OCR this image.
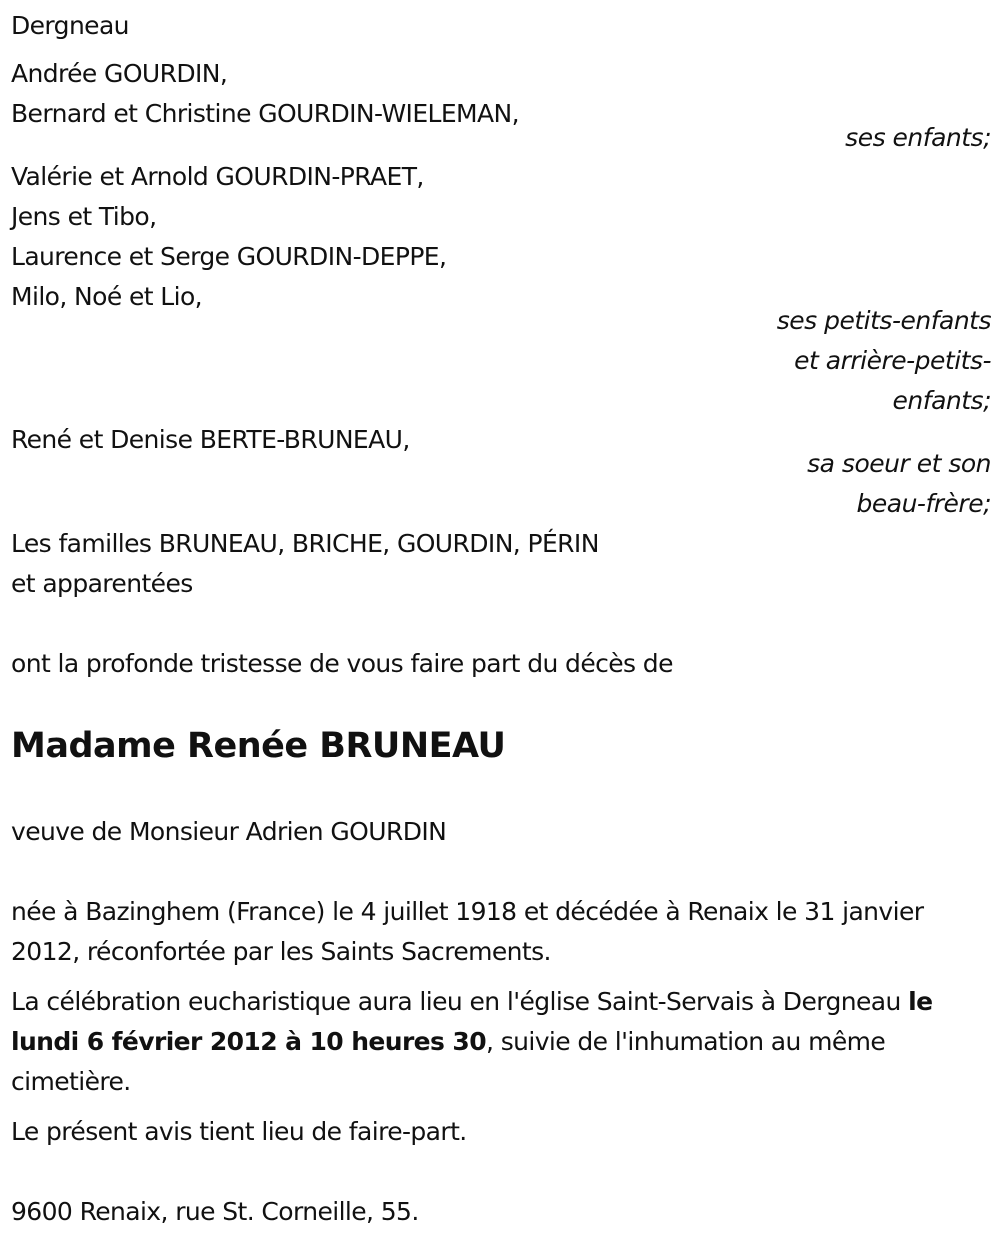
Dergneau
Andrée GOURDIN,
Bernard et Christine GOURDIN-WIELEMAN,
ses enfants;
Valérie et Arnold GOURDIN-PRAET,
Jens et Tibo,
Laurence et Serge GOURDIN-DEPPE,
Milo, Noé et Lio,
ses petits-enfants
et arrière-petits-
enfants;
René et Denise BERTE-BRUNEAU,
sa soeur et son
beau-frère;
Les familles BRUNEAU, BRICHE, GOURDIN, PÉRIN
et apparentées
ont la profonde tristesse de vous faire part du décès de
Madame Renée BRUNEAU
veuve de Monsieur Adrien GOURDIN
née à Bazinghem (France) le 4 juillet 1918 et décédée à Renaix le 31 janvier 2012, réconfortée par les Saints Sacrements.
La célébration eucharistique aura lieu en l'église Saint-Servais à Dergneau le lundi 6 février 2012 à 10 heures 30, suivie de l'inhumation au même cimetière.
Le présent avis tient lieu de faire-part.
9600 Renaix, rue St. Corneille, 55.
